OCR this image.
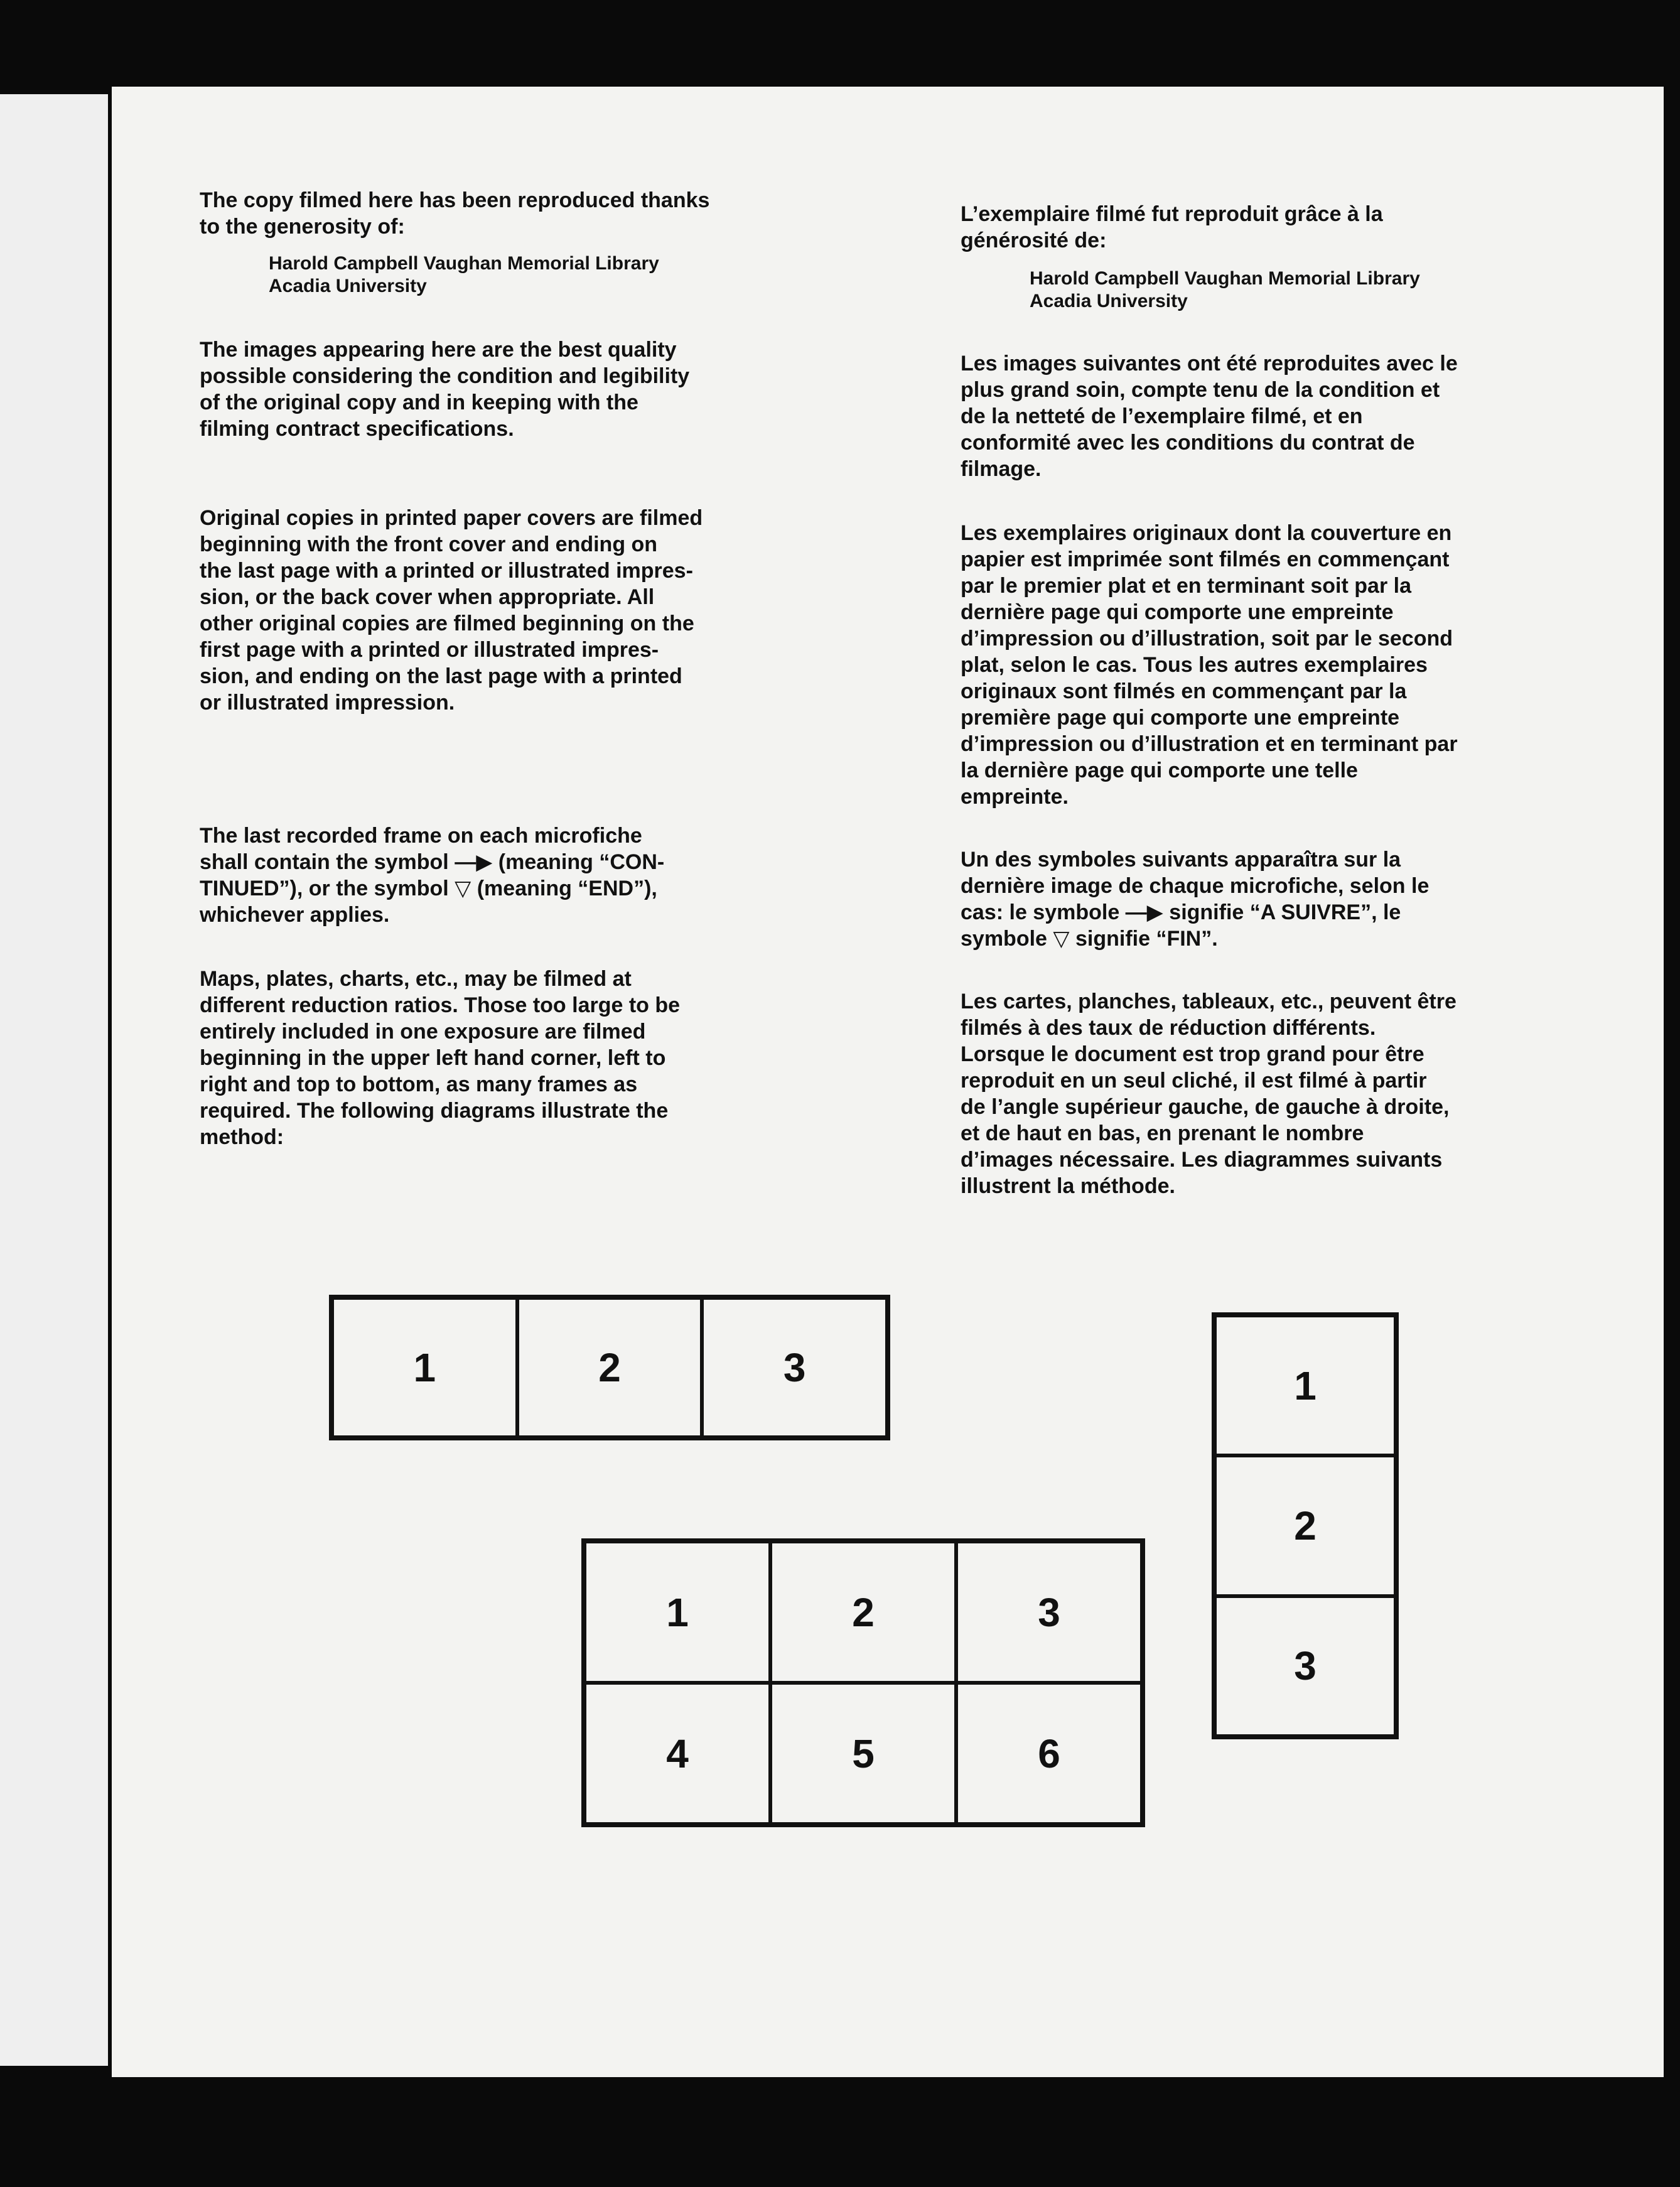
The copy filmed here has been reproduced thanks
to the generosity of:

Harold Campbell Vaughan Memorial Library

Acadia University

The images appearing here are the best quality
possible considering the condition and legibility
of the original copy and in keeping with the
filming contract specifications.

Original copies in printed paper covers are filmed
beginning with the front cover and ending on
the last page with a printed or illustrated impres-
sion, or the back cover when appropriate. All
other original copies are filmed beginning on the
first page with a printed or illustrated impres-
sion, and ending on the last page with a printed
or illustrated impression.

The last recorded frame on each microfiche
shall contain the symbol —▶ (meaning “CON-
TINUED”), or the symbol ▽ (meaning “END”),
whichever applies.

Maps, plates, charts, etc., may be filmed at
different reduction ratios. Those too large to be
entirely included in one exposure are filmed
beginning in the upper left hand corner, left to
right and top to bottom, as many frames as
required. The following diagrams illustrate the
method:

L’exemplaire filmé fut reproduit grâce à la
générosité de:

Harold Campbell Vaughan Memorial Library

Acadia University

Les images suivantes ont été reproduites avec le
plus grand soin, compte tenu de la condition et
de la netteté de l’exemplaire filmé, et en
conformité avec les conditions du contrat de
filmage.

Les exemplaires originaux dont la couverture en
papier est imprimée sont filmés en commençant
par le premier plat et en terminant soit par la
dernière page qui comporte une empreinte
d’impression ou d’illustration, soit par le second
plat, selon le cas. Tous les autres exemplaires
originaux sont filmés en commençant par la
première page qui comporte une empreinte
d’impression ou d’illustration et en terminant par
la dernière page qui comporte une telle
empreinte.

Un des symboles suivants apparaîtra sur la
dernière image de chaque microfiche, selon le
cas: le symbole —▶ signifie “A SUIVRE”, le
symbole ▽ signifie “FIN”.

Les cartes, planches, tableaux, etc., peuvent être
filmés à des taux de réduction différents.
Lorsque le document est trop grand pour être
reproduit en un seul cliché, il est filmé à partir
de l’angle supérieur gauche, de gauche à droite,
et de haut en bas, en prenant le nombre
d’images nécessaire. Les diagrammes suivants
illustrent la méthode.

1	2	3	1
2
3
1	2	3
4	5	6
